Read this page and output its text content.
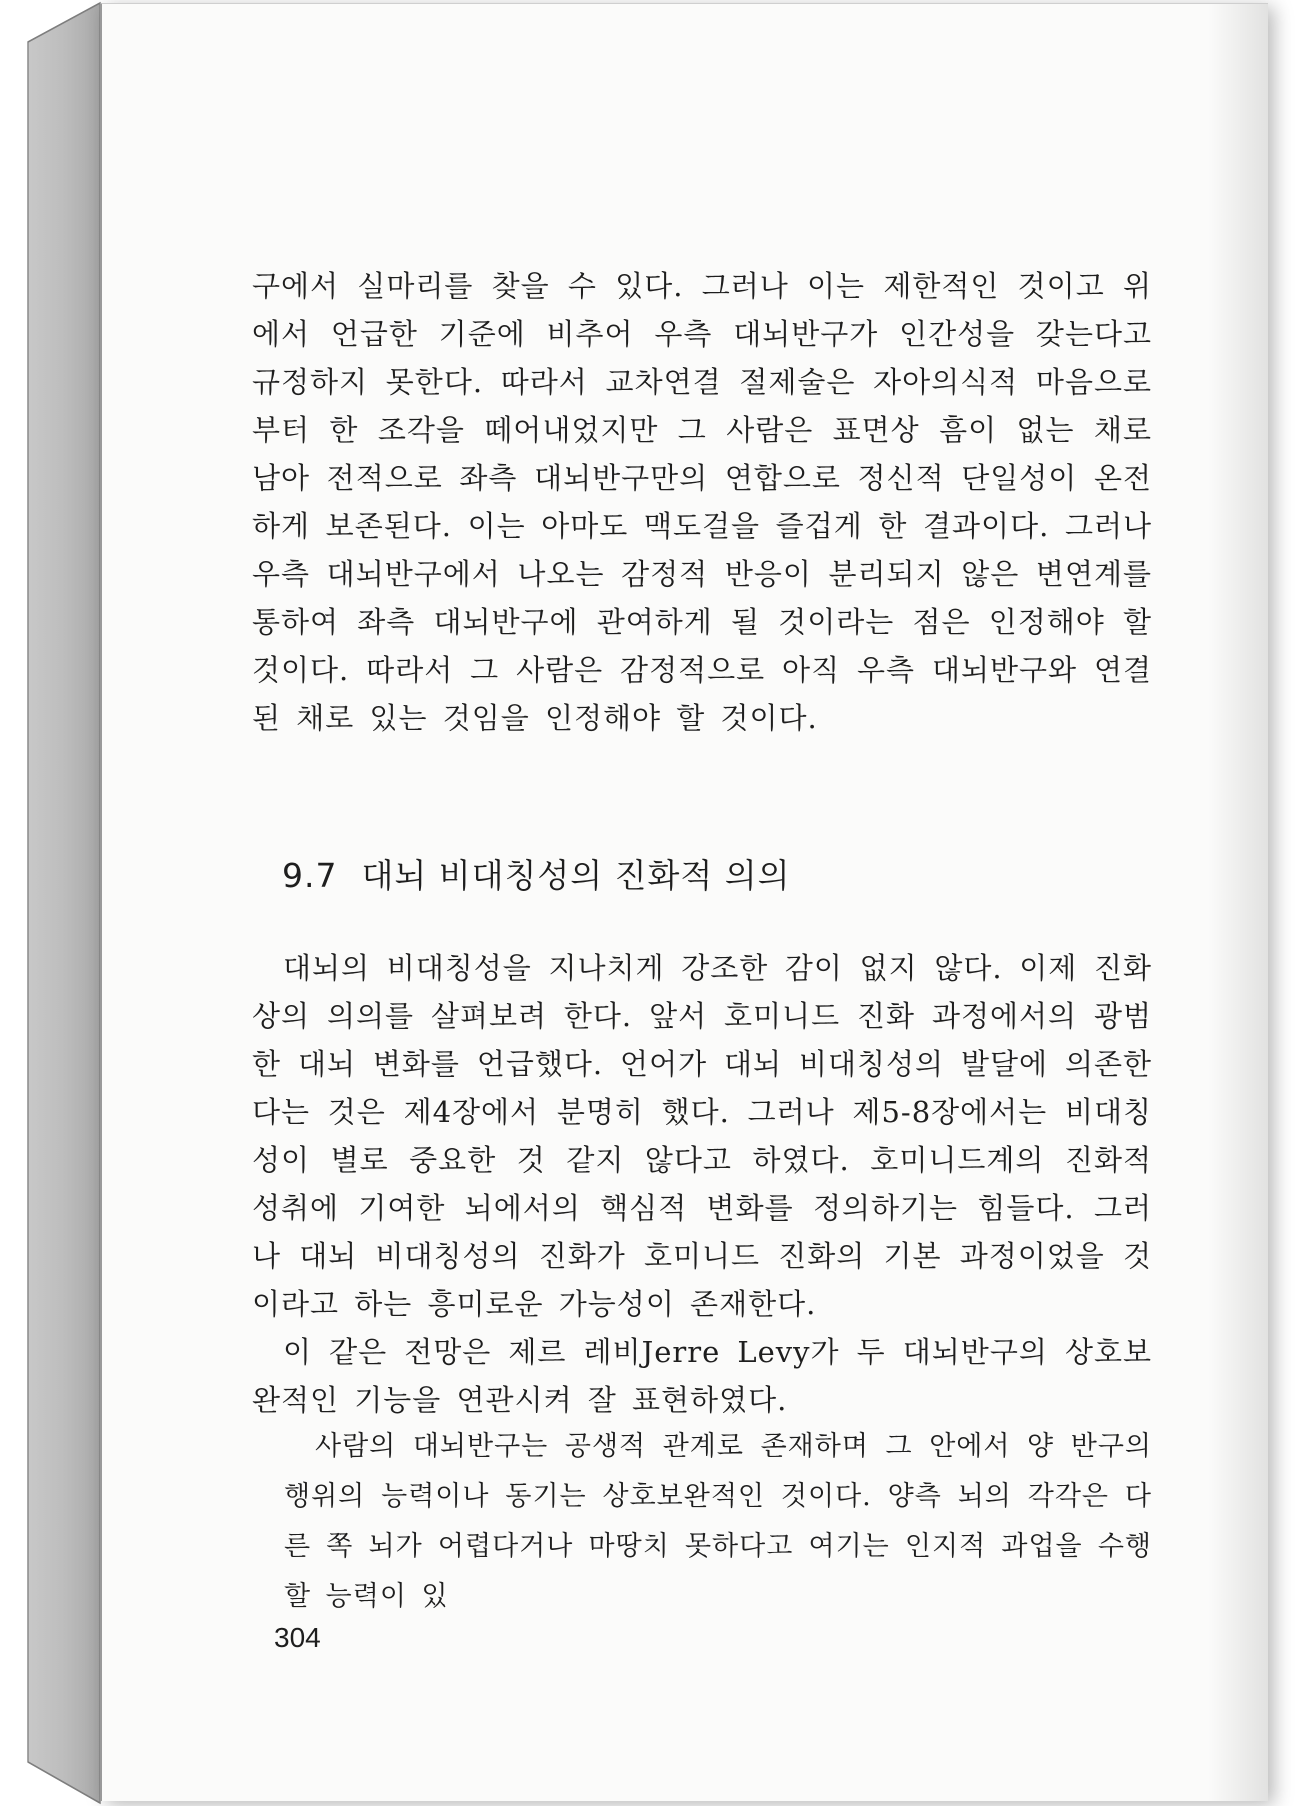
구에서 실마리를 찾을 수 있다. 그러나 이는 제한적인 것이고 위에서 언급한 기준에 비추어 우측 대뇌반구가 인간성을 갖는다고 규정하지 못한다. 따라서 교차연결 절제술은 자아의식적 마음으로부터 한 조각을 떼어내었지만 그 사람은 표면상 흠이 없는 채로 남아 전적으로 좌측 대뇌반구만의 연합으로 정신적 단일성이 온전하게 보존된다. 이는 아마도 맥도걸을 즐겁게 한 결과이다. 그러나 우측 대뇌반구에서 나오는 감정적 반응이 분리되지 않은 변연계를 통하여 좌측 대뇌반구에 관여하게 될 것이라는 점은 인정해야 할 것이다. 따라서 그 사람은 감정적으로 아직 우측 대뇌반구와 연결된 채로 있는 것임을 인정해야 할 것이다.

9.7 대뇌 비대칭성의 진화적 의의

대뇌의 비대칭성을 지나치게 강조한 감이 없지 않다. 이제 진화상의 의의를 살펴보려 한다. 앞서 호미니드 진화 과정에서의 광범한 대뇌 변화를 언급했다. 언어가 대뇌 비대칭성의 발달에 의존한다는 것은 제4장에서 분명히 했다. 그러나 제5-8장에서는 비대칭성이 별로 중요한 것 같지 않다고 하였다. 호미니드계의 진화적 성취에 기여한 뇌에서의 핵심적 변화를 정의하기는 힘들다. 그러나 대뇌 비대칭성의 진화가 호미니드 진화의 기본 과정이었을 것이라고 하는 흥미로운 가능성이 존재한다.

이 같은 전망은 제르 레비Jerre Levy가 두 대뇌반구의 상호보완적인 기능을 연관시켜 잘 표현하였다.

사람의 대뇌반구는 공생적 관계로 존재하며 그 안에서 양 반구의 행위의 능력이나 동기는 상호보완적인 것이다. 양측 뇌의 각각은 다른 쪽 뇌가 어렵다거나 마땅치 못하다고 여기는 인지적 과업을 수행할 능력이 있

304
